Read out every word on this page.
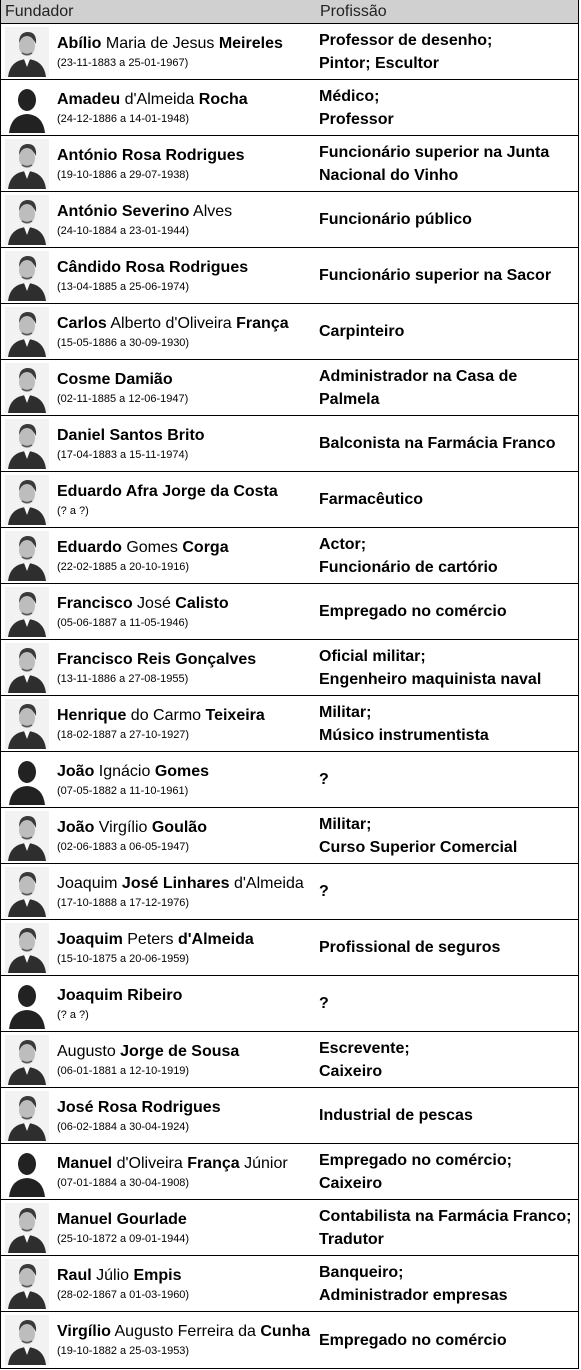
Fundador	Profissão
Abílio Maria de Jesus Meireles
(23-11-1883 a 25-01-1967)
Professor de desenho;
Pintor; Escultor
Amadeu d'Almeida Rocha
(24-12-1886 a 14-01-1948)
Médico;
Professor
António Rosa Rodrigues
(19-10-1886 a 29-07-1938)
Funcionário superior na Junta
Nacional do Vinho
António Severino Alves
(24-10-1884 a 23-01-1944)
Funcionário público
Cândido Rosa Rodrigues
(13-04-1885 a 25-06-1974)
Funcionário superior na Sacor
Carlos Alberto d'Oliveira França
(15-05-1886 a 30-09-1930)
Carpinteiro
Cosme Damião
(02-11-1885 a 12-06-1947)
Administrador na Casa de
Palmela
Daniel Santos Brito
(17-04-1883 a 15-11-1974)
Balconista na Farmácia Franco
Eduardo Afra Jorge da Costa
(? a ?)
Farmacêutico
Eduardo Gomes Corga
(22-02-1885 a 20-10-1916)
Actor;
Funcionário de cartório
Francisco José Calisto
(05-06-1887 a 11-05-1946)
Empregado no comércio
Francisco Reis Gonçalves
(13-11-1886 a 27-08-1955)
Oficial militar;
Engenheiro maquinista naval
Henrique do Carmo Teixeira
(18-02-1887 a 27-10-1927)
Militar;
Músico instrumentista
João Ignácio Gomes
(07-05-1882 a 11-10-1961)
?
João Virgílio Goulão
(02-06-1883 a 06-05-1947)
Militar;
Curso Superior Comercial
Joaquim José Linhares d'Almeida
(17-10-1888 a 17-12-1976)
?
Joaquim Peters d'Almeida
(15-10-1875 a 20-06-1959)
Profissional de seguros
Joaquim Ribeiro
(? a ?)
?
Augusto Jorge de Sousa
(06-01-1881 a 12-10-1919)
Escrevente;
Caixeiro
José Rosa Rodrigues
(06-02-1884 a 30-04-1924)
Industrial de pescas
Manuel d'Oliveira França Júnior
(07-01-1884 a 30-04-1908)
Empregado no comércio;
Caixeiro
Manuel Gourlade
(25-10-1872 a 09-01-1944)
Contabilista na Farmácia Franco;
Tradutor
Raul Júlio Empis
(28-02-1867 a 01-03-1960)
Banqueiro;
Administrador empresas
Virgílio Augusto Ferreira da Cunha
(19-10-1882 a 25-03-1953)
Empregado no comércio
